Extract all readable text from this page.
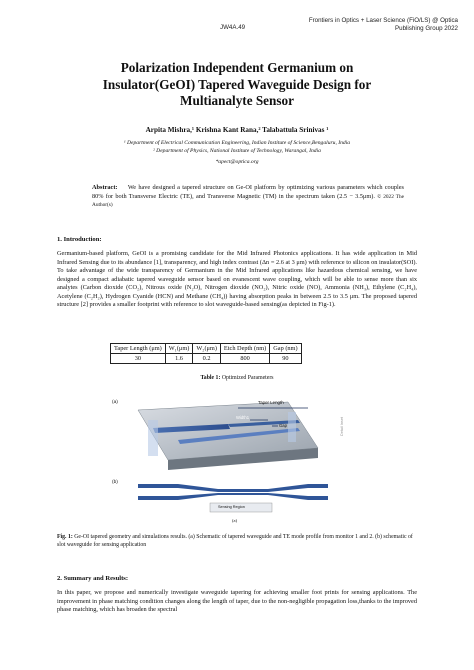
JW4A.49
Frontiers in Optics + Laser Science (FiO/LS) @ Optica
Publishing Group 2022
Polarization Independent Germanium on
Insulator(GeOI) Tapered Waveguide Design for
Multianalyte Sensor
Arpita Mishra,¹ Krishna Kant Rana,² Talabattula Srinivas ¹
¹ Department of Electrical Communication Engineering, Indian Institute of Science,Bengaluru, India
² Department of Physics, National Institute of Technology, Warangal, India
*apect@optica.org
Abstract: We have designed a tapered structure on Ge-OI platform by optimizing various parameters which couples 80% for both Transverse Electric (TE), and Transverse Magnetic (TM) in the spectrum taken (2.5 − 3.5μm). © 2022 The Author(s)
1. Introduction:
Germanium-based platform, GeOI is a promising candidate for the Mid Infrared Photonics applications. It has wide application in Mid Infrared Sensing due to its abundance [1], transparency, and high index contrast (Δn = 2.6 at 3 μm) with reference to silicon on insulator(SOI). To take advantage of the wide transparency of Germanium in the Mid Infrared applications like hazardous chemical sensing, we have designed a compact adiabatic tapered waveguide sensor based on evanescent wave coupling, which will be able to sense more than six analytes (Carbon dioxide (CO₂), Nitrous oxide (N₂O), Nitrogen dioxide (NO₂), Nitric oxide (NO), Ammonia (NH₃), Ethylene (C₂H₄), Acetylene (C₂H₂), Hydrogen Cyanide (HCN) and Methane (CH₄)) having absorption peaks in between 2.5 to 3.5 μm. The proposed tapered structure [2] provides a smaller footprint with reference to slot waveguide-based sensing(as depicted in Fig-1).
Taper Length (μm)	W₁(μm)	W₂(μm)	Etch Depth (nm)	Gap (nm)
30	1.6	0.2	800	90
Table 1: Optimized Parameters
(a)
(b)
Taper Length
Width1
Gap
Sensing Region
Detail Inset
(a)
Fig. 1: Ge-OI tapered geometry and simulations results. (a) Schematic of tapered waveguide and TE mode profile from monitor 1 and 2. (b) schematic of slot waveguide for sensing application
2. Summary and Results:
In this paper, we propose and numerically investigate waveguide tapering for achieving smaller foot prints for sensing applications. The improvement in phase matching condition changes along the length of taper, due to the non-negligible propagation loss,thanks to the improved phase matching, which has broaden the spectral
